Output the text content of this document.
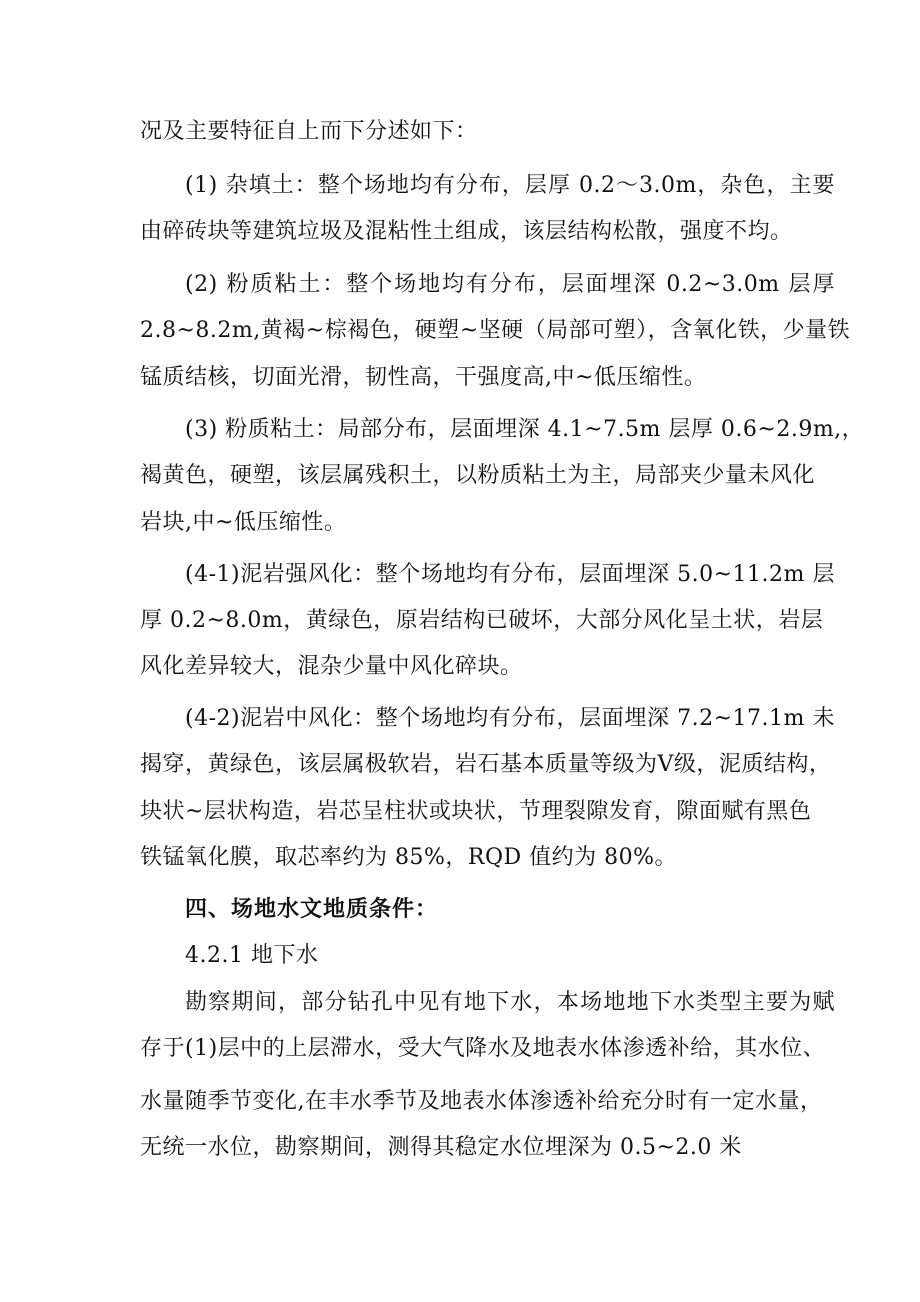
况及主要特征自上而下分述如下：
(1) 杂填土：整个场地均有分布，层厚 0.2～3.0m，杂色，主要
由碎砖块等建筑垃圾及混粘性土组成，该层结构松散，强度不均。
(2) 粉质粘土：整个场地均有分布，层面埋深 0.2~3.0m 层厚
2.8~8.2m,黄褐~棕褐色，硬塑~坚硬（局部可塑），含氧化铁，少量铁
锰质结核，切面光滑，韧性高，干强度高,中~低压缩性。
(3) 粉质粘土：局部分布，层面埋深 4.1~7.5m 层厚 0.6~2.9m,，
褐黄色，硬塑，该层属残积土，以粉质粘土为主，局部夹少量未风化
岩块,中~低压缩性。
(4-1)泥岩强风化：整个场地均有分布，层面埋深 5.0~11.2m 层
厚 0.2~8.0m，黄绿色，原岩结构已破坏，大部分风化呈土状，岩层
风化差异较大，混杂少量中风化碎块。
(4-2)泥岩中风化：整个场地均有分布，层面埋深 7.2~17.1m 未
揭穿，黄绿色，该层属极软岩，岩石基本质量等级为Ⅴ级，泥质结构，
块状~层状构造，岩芯呈柱状或块状，节理裂隙发育，隙面赋有黑色
铁锰氧化膜，取芯率约为 85%，RQD 值约为 80%。
四、场地水文地质条件：
4.2.1 地下水
勘察期间，部分钻孔中见有地下水，本场地地下水类型主要为赋
存于(1)层中的上层滞水，受大气降水及地表水体渗透补给，其水位、
水量随季节变化,在丰水季节及地表水体渗透补给充分时有一定水量，
无统一水位，勘察期间，测得其稳定水位埋深为 0.5~2.0 米
